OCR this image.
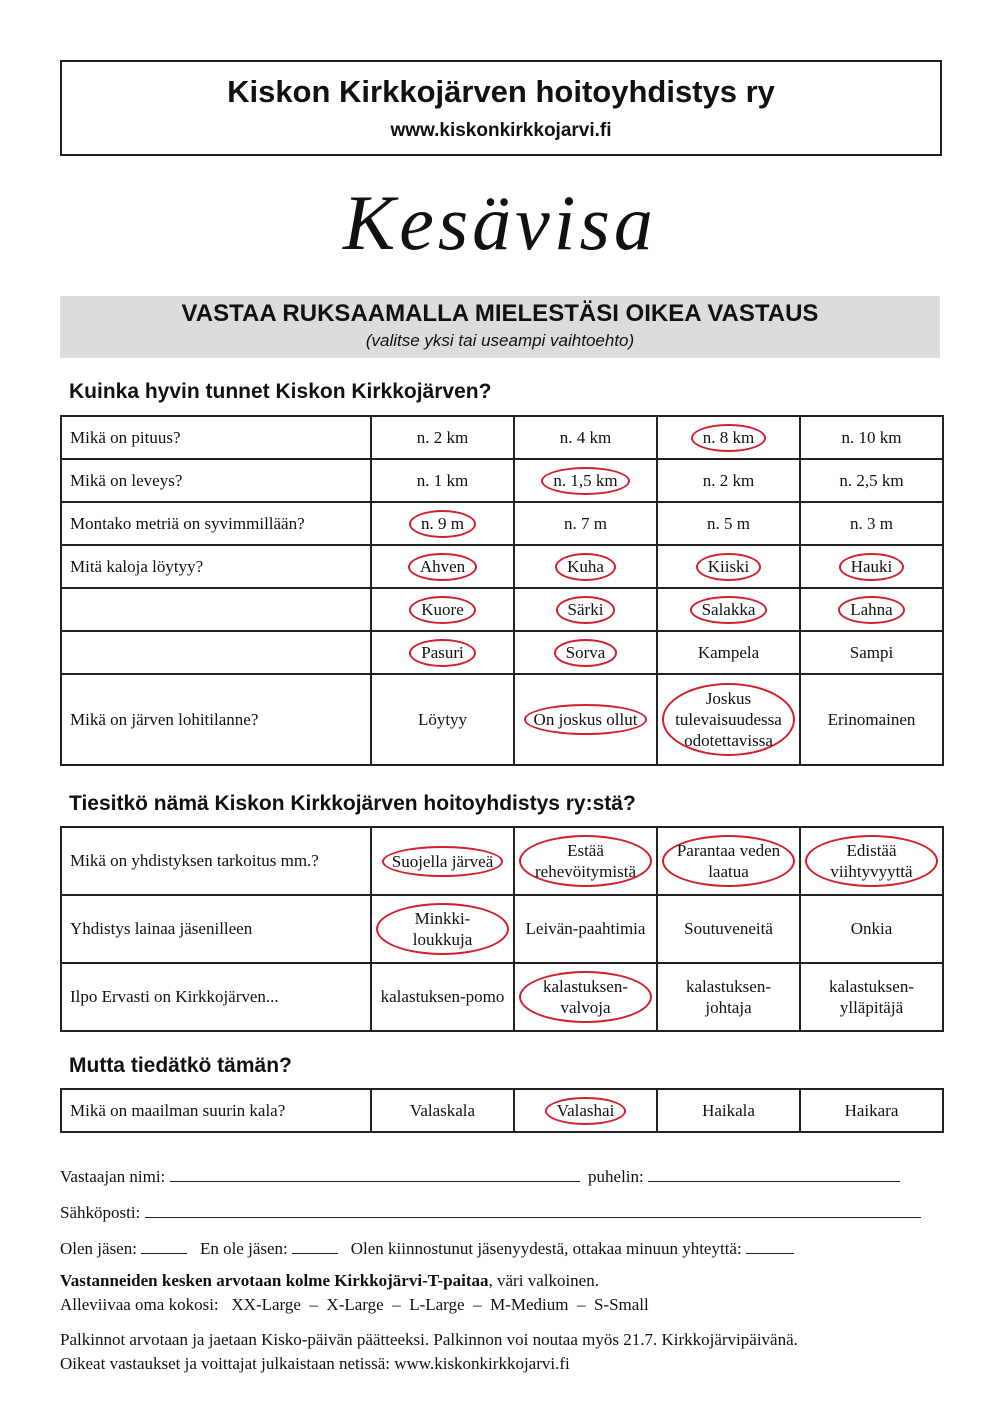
Kiskon Kirkkojärven hoitoyhdistys ry
www.kiskonkirkkojarvi.fi
Kesävisa
VASTAA RUKSAAMALLA MIELESTÄSI OIKEA VASTAUS
(valitse yksi tai useampi vaihtoehto)
Kuinka hyvin tunnet Kiskon Kirkkojärven?
Mikä on pituus?	n. 2 km	n. 4 km	n. 8 km	n. 10 km
Mikä on leveys?	n. 1 km	n. 1,5 km	n. 2 km	n. 2,5 km
Montako metriä on syvimmillään?	n. 9 m	n. 7 m	n. 5 m	n. 3 m
Mitä kaloja löytyy?	Ahven	Kuha	Kiiski	Hauki
	Kuore	Särki	Salakka	Lahna
	Pasuri	Sorva	Kampela	Sampi
Mikä on järven lohitilanne?	Löytyy	On joskus ollut	Joskus tulevaisuudessa odotettavissa	Erinomainen
Tiesitkö nämä Kiskon Kirkkojärven hoitoyhdistys ry:stä?
Mikä on yhdistyksen tarkoitus mm.?	Suojella järveä	Estää rehevöitymistä	Parantaa veden laatua	Edistää viihtyvyyttä
Yhdistys lainaa jäsenilleen	Minkki-loukkuja	Leivän-paahtimia	Soutuveneitä	Onkia
Ilpo Ervasti on Kirkkojärven...	kalastuksen-pomo	kalastuksen-valvoja	kalastuksen-johtaja	kalastuksen-ylläpitäjä
Mutta tiedätkö tämän?
Mikä on maailman suurin kala?	Valaskala	Valashai	Haikala	Haikara
Vastaajan nimi:	puhelin:
Sähköposti:
Olen jäsen:	En ole jäsen:	Olen kiinnostunut jäsenyydestä, ottakaa minuun yhteyttä:
Vastanneiden kesken arvotaan kolme Kirkkojärvi-T-paitaa, väri valkoinen.
Alleviivaa oma kokosi:   XX-Large  –  X-Large  –  L-Large  –  M-Medium  –  S-Small
Palkinnot arvotaan ja jaetaan Kisko-päivän päätteeksi. Palkinnon voi noutaa myös 21.7. Kirkkojärvipäivänä.
Oikeat vastaukset ja voittajat julkaistaan netissä: www.kiskonkirkkojarvi.fi
